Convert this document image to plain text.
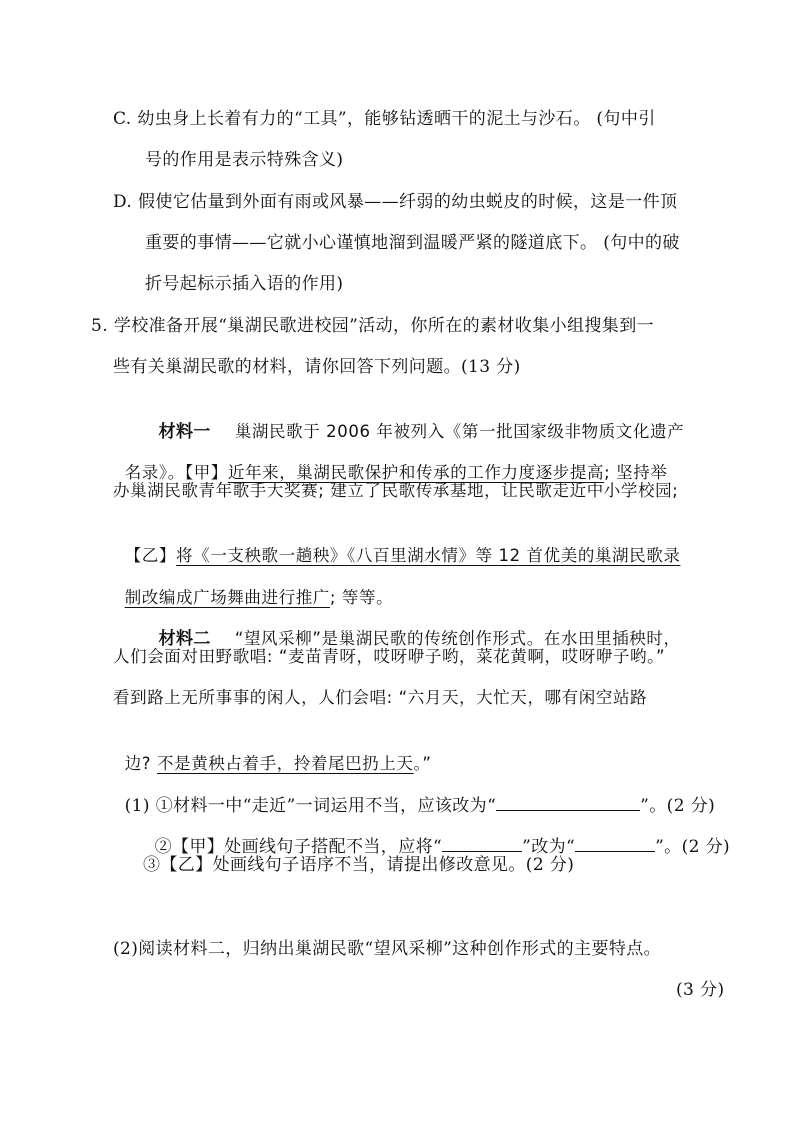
C. 幼虫身上长着有力的“工具”，能够钻透晒干的泥土与沙石。 (句中引
号的作用是表示特殊含义)
D. 假使它估量到外面有雨或风暴——纤弱的幼虫蜕皮的时候，这是一件顶
重要的事情——它就小心谨慎地溜到温暖严紧的隧道底下。 (句中的破
折号起标示插入语的作用)
5. 学校准备开展“巢湖民歌进校园”活动，你所在的素材收集小组搜集到一
些有关巢湖民歌的材料，请你回答下列问题。(13 分)

材料一 巢湖民歌于 2006 年被列入《第一批国家级非物质文化遗产

名录》。【甲】近年来，巢湖民歌保护和传承的工作力度逐步提高; 坚持举

办巢湖民歌青年歌手大奖赛; 建立了民歌传承基地，让民歌走近中小学校园;

【乙】将《一支秧歌一趟秧》《八百里湖水情》等 12 首优美的巢湖民歌录

制改编成广场舞曲进行推广; 等等。

材料二 “望风采柳”是巢湖民歌的传统创作形式。在水田里插秧时，

人们会面对田野歌唱: “麦苗青呀，哎呀咿子哟，菜花黄啊，哎呀咿子哟。”
看到路上无所事事的闲人，人们会唱: “六月天，大忙天，哪有闲空站路

边? 不是黄秧占着手，拎着尾巴扔上天。”

(1) ①材料一中“走近”一词运用不当，应该改为“	”。(2 分)

②【甲】处画线句子搭配不当，应将“	”改为“	”。(2 分)

③【乙】处画线句子语序不当，请提出修改意见。(2 分)
(2)阅读材料二，归纳出巢湖民歌“望风采柳”这种创作形式的主要特点。
(3 分)
